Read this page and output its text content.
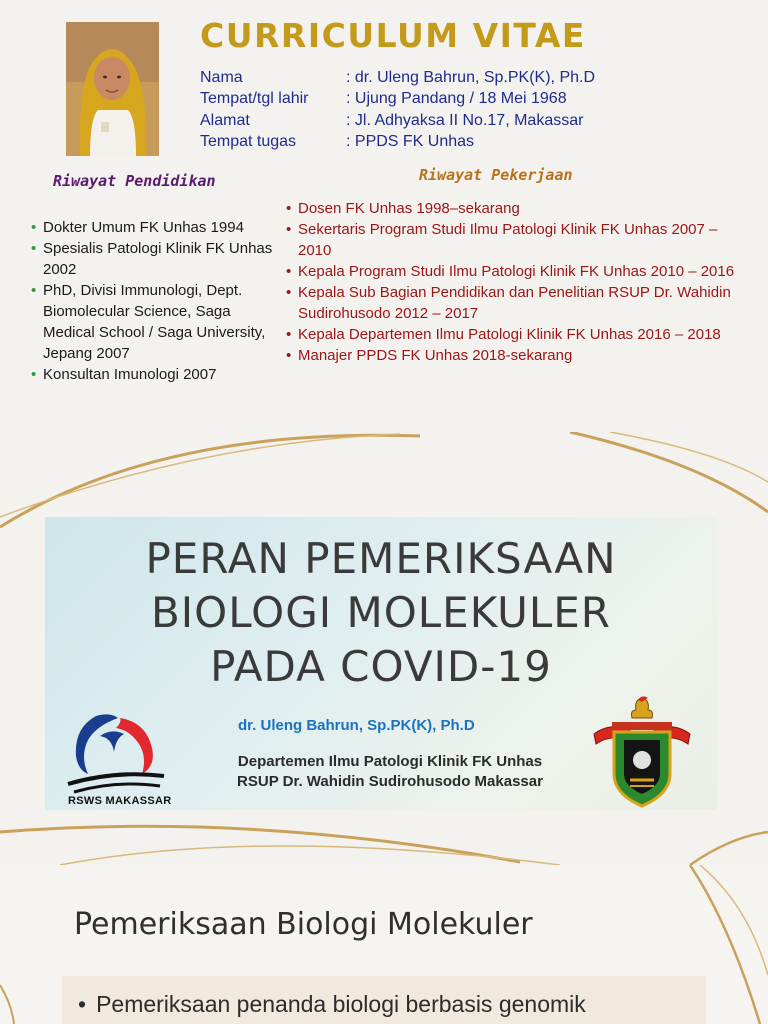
CURRICULUM VITAE
Nama	: dr. Uleng Bahrun, Sp.PK(K), Ph.D
Tempat/tgl lahir	: Ujung Pandang / 18 Mei 1968
Alamat	: Jl. Adhyaksa II No.17, Makassar
Tempat tugas	: PPDS FK Unhas
Riwayat Pendidikan	Riwayat Pekerjaan
• Dokter Umum FK Unhas 1994
• Spesialis Patologi Klinik FK Unhas 2002
• PhD, Divisi Immunologi, Dept. Biomolecular Science, Saga Medical School / Saga University, Jepang 2007
• Konsultan Imunologi 2007
• Dosen FK Unhas 1998–sekarang
• Sekertaris Program Studi Ilmu Patologi Klinik FK Unhas 2007 – 2010
• Kepala Program Studi Ilmu Patologi Klinik FK Unhas 2010 – 2016
• Kepala Sub Bagian Pendidikan dan Penelitian RSUP Dr. Wahidin Sudirohusodo 2012 – 2017
• Kepala Departemen Ilmu Patologi Klinik FK Unhas 2016 – 2018
• Manajer PPDS FK Unhas 2018-sekarang
PERAN PEMERIKSAAN
BIOLOGI MOLEKULER
PADA COVID-19
RSWS MAKASSAR
dr. Uleng Bahrun, Sp.PK(K), Ph.D
Departemen Ilmu Patologi Klinik FK Unhas
RSUP Dr. Wahidin Sudirohusodo Makassar
Pemeriksaan Biologi Molekuler
• Pemeriksaan penanda biologi berbasis genomik
